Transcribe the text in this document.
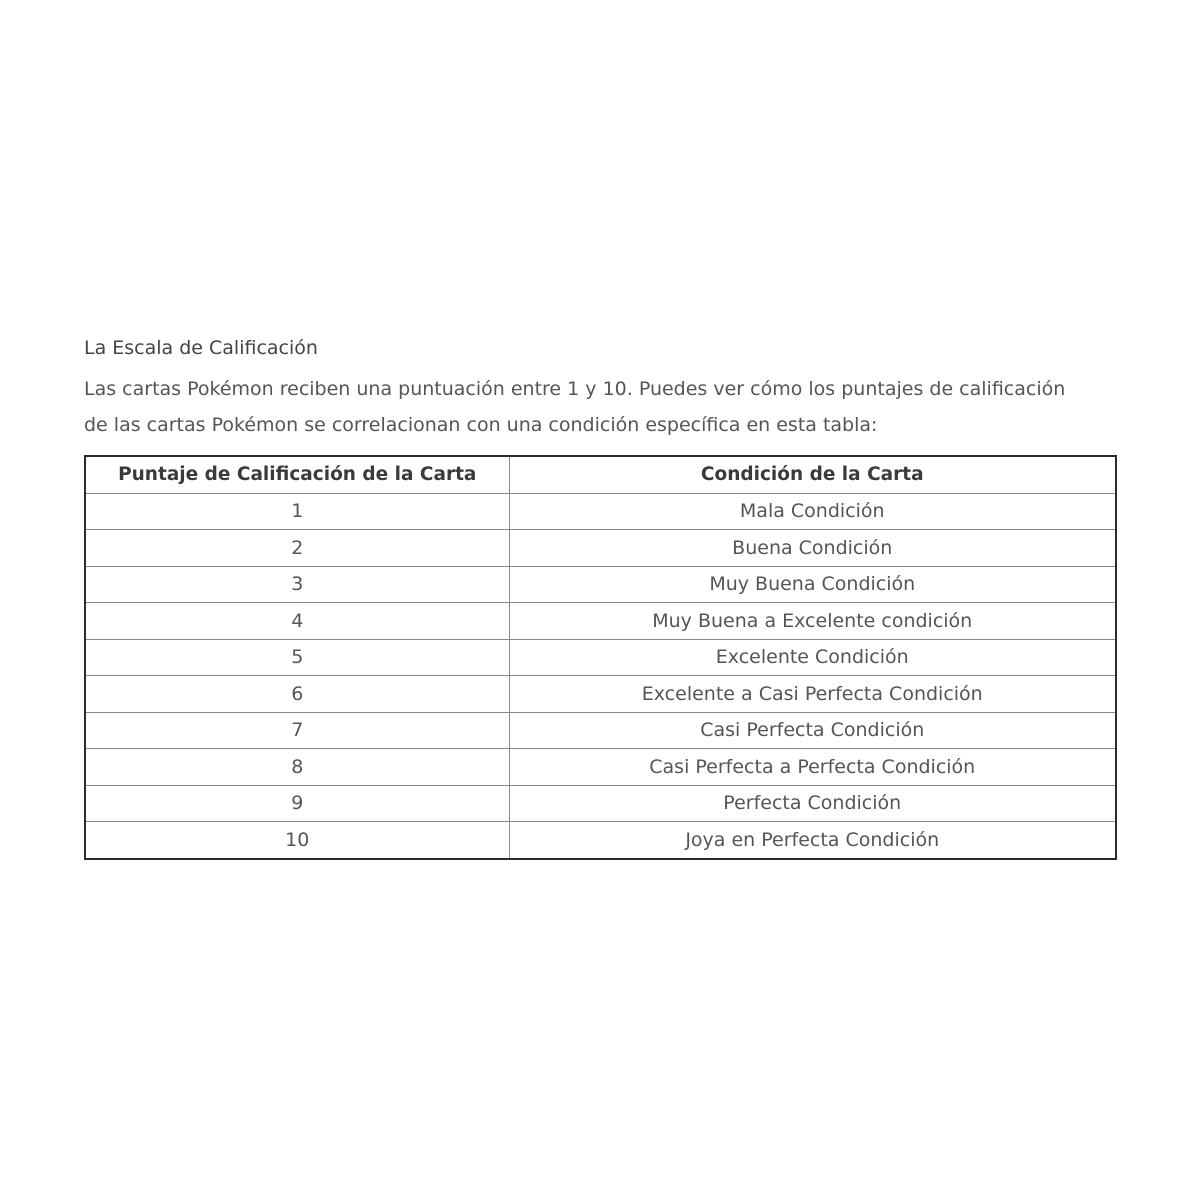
La Escala de Calificación
Las cartas Pokémon reciben una puntuación entre 1 y 10. Puedes ver cómo los puntajes de calificación de las cartas Pokémon se correlacionan con una condición específica en esta tabla:
Puntaje de Calificación de la Carta	Condición de la Carta
1	Mala Condición
2	Buena Condición
3	Muy Buena Condición
4	Muy Buena a Excelente condición
5	Excelente Condición
6	Excelente a Casi Perfecta Condición
7	Casi Perfecta Condición
8	Casi Perfecta a Perfecta Condición
9	Perfecta Condición
10	Joya en Perfecta Condición
